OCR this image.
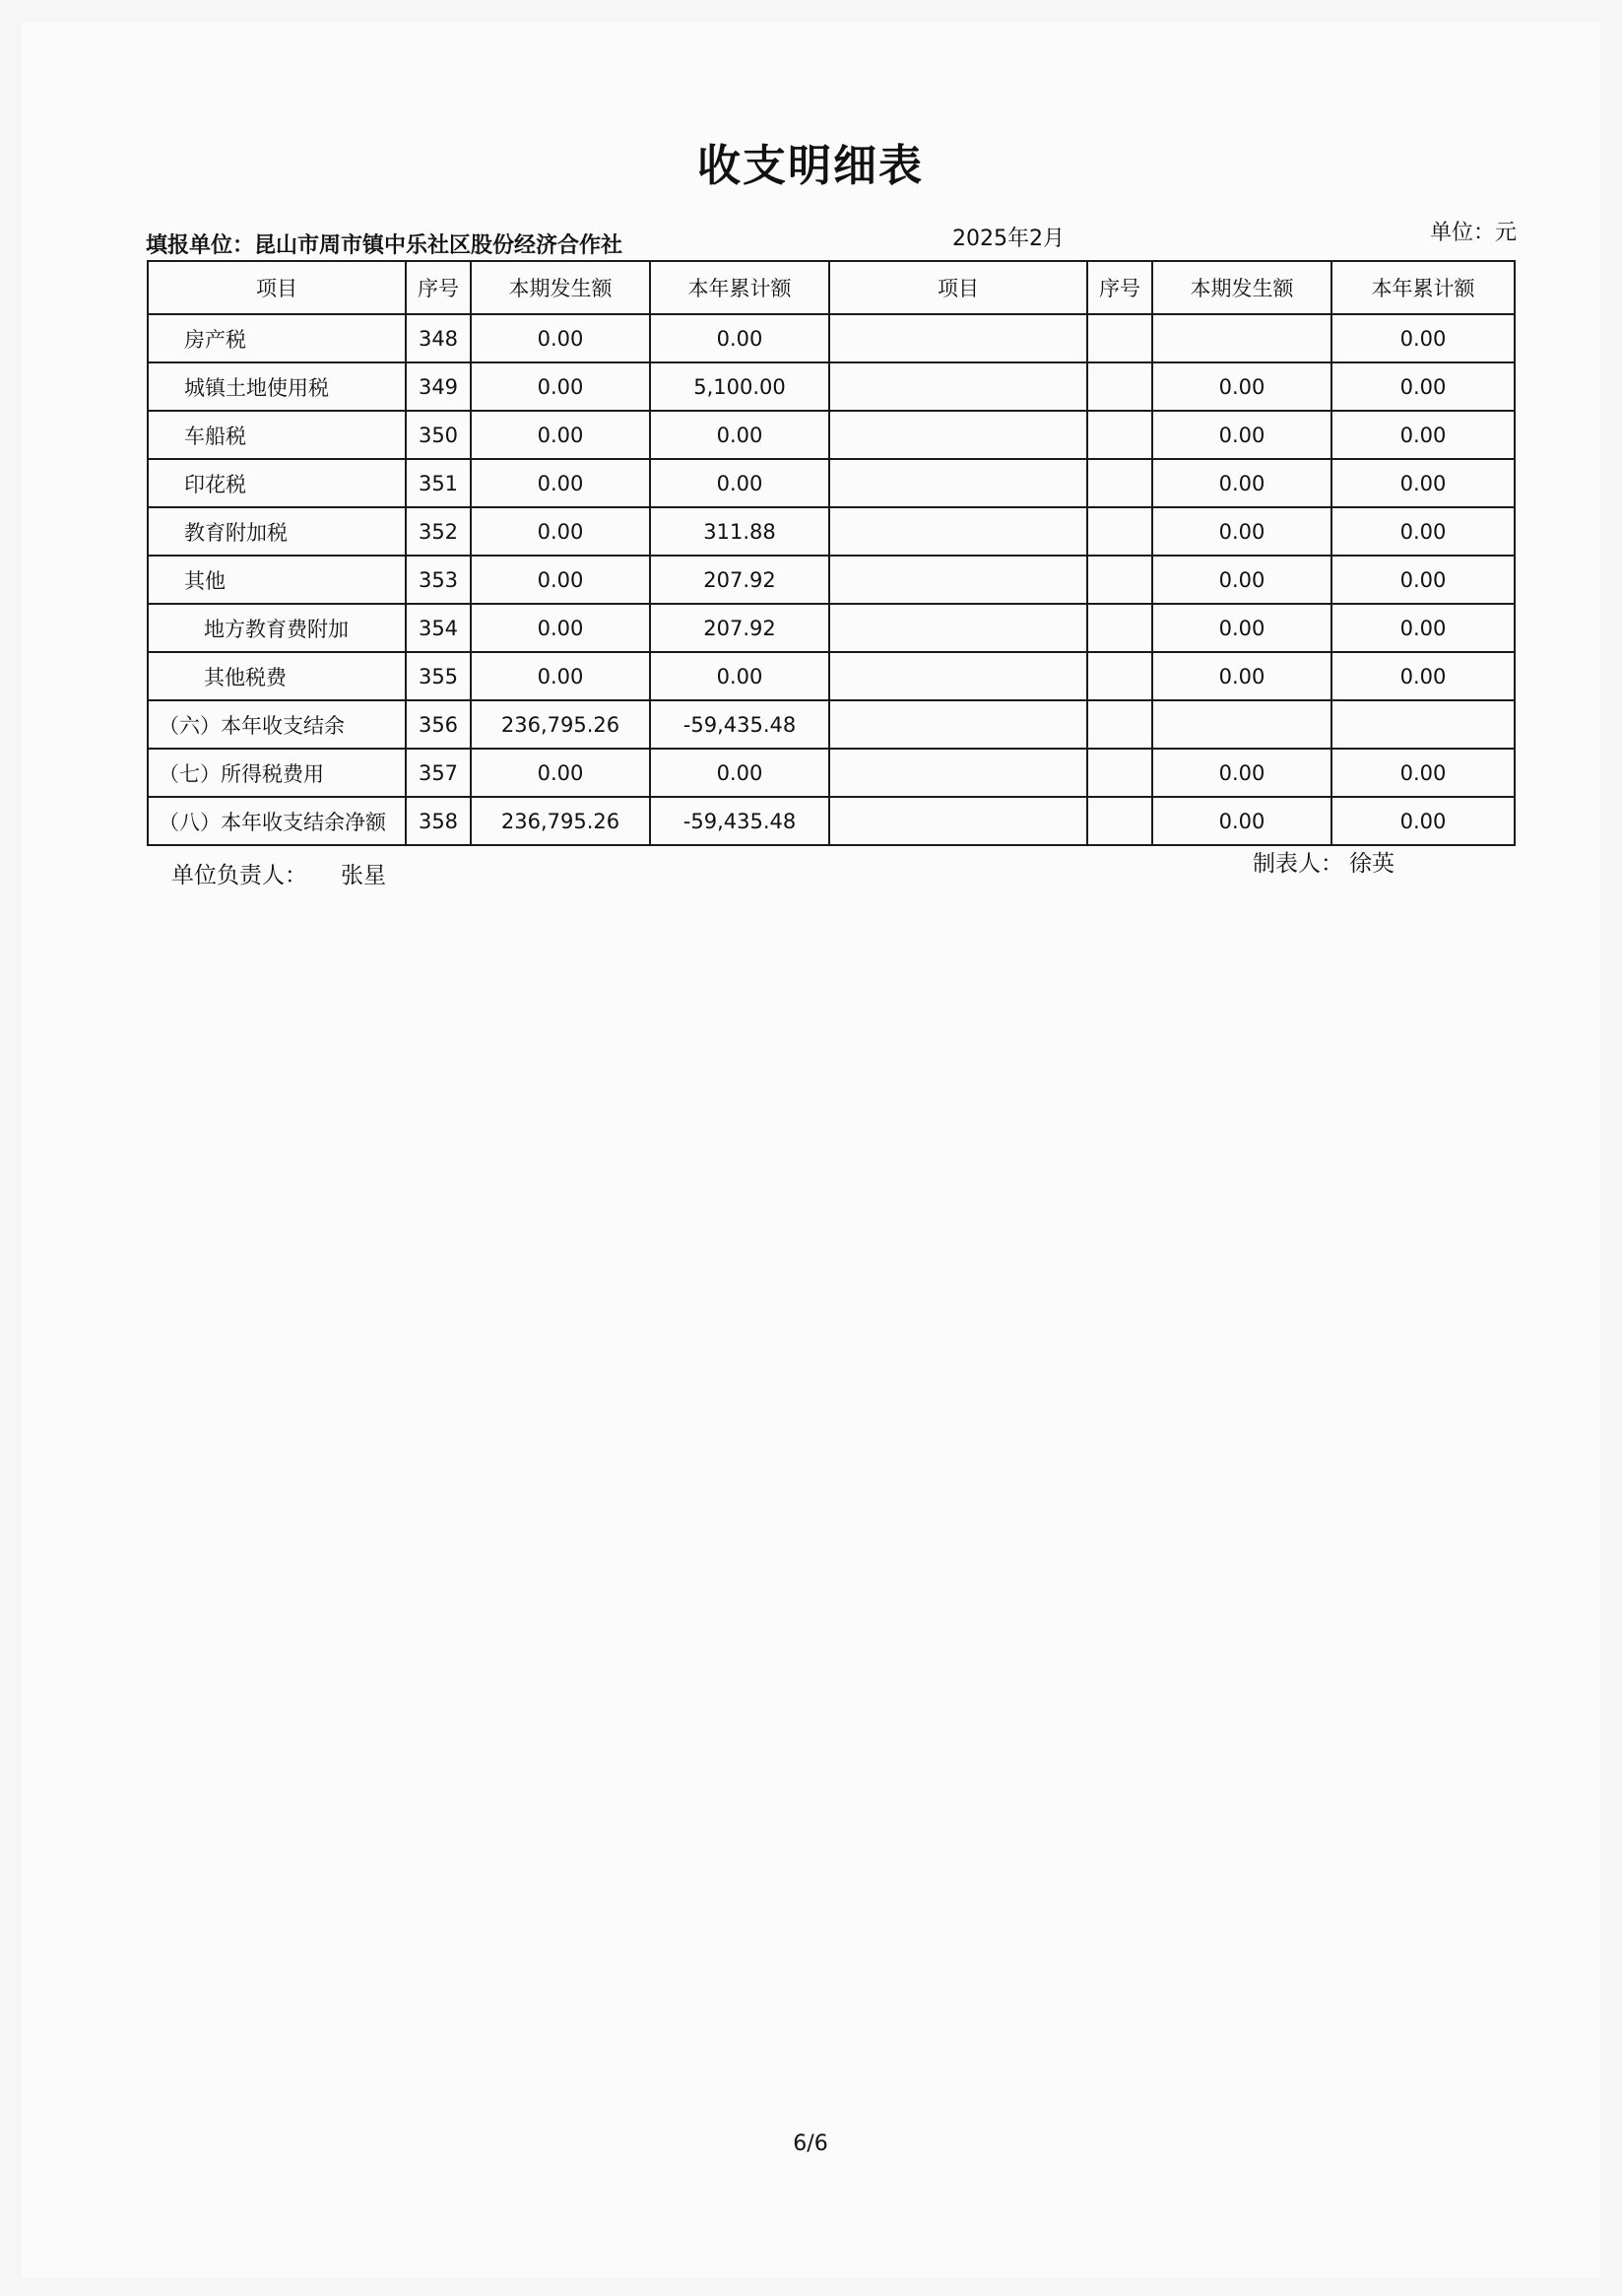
收支明细表
填报单位：昆山市周市镇中乐社区股份经济合作社	2025年2月	单位：元
项目	序号	本期发生额	本年累计额	项目	序号	本期发生额	本年累计额
房产税	348	0.00	0.00				0.00
城镇土地使用税	349	0.00	5,100.00			0.00	0.00
车船税	350	0.00	0.00			0.00	0.00
印花税	351	0.00	0.00			0.00	0.00
教育附加税	352	0.00	311.88			0.00	0.00
其他	353	0.00	207.92			0.00	0.00
地方教育费附加	354	0.00	207.92			0.00	0.00
其他税费	355	0.00	0.00			0.00	0.00
（六）本年收支结余	356	236,795.26	-59,435.48				
（七）所得税费用	357	0.00	0.00			0.00	0.00
（八）本年收支结余净额	358	236,795.26	-59,435.48			0.00	0.00
单位负责人： 张星	制表人： 徐英
6/6
